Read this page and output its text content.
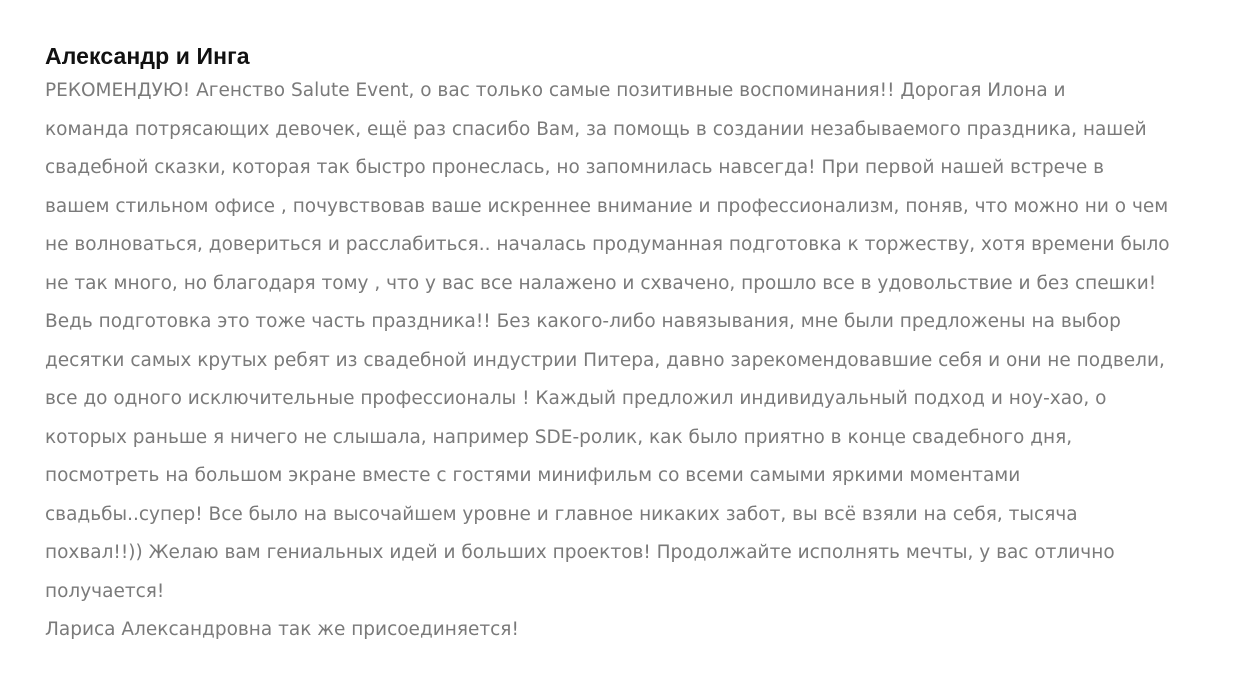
Александр и Инга
РЕКОМЕНДУЮ! Агенство Salute Event, о вас только самые позитивные воспоминания!! Дорогая Илона и
команда потрясающих девочек, ещё раз спасибо Вам, за помощь в создании незабываемого праздника, нашей
свадебной сказки, которая так быстро пронеслась, но запомнилась навсегда! При первой нашей встрече в
вашем стильном офисе , почувствовав ваше искреннее внимание и профессионализм, поняв, что можно ни о чем
не волноваться, довериться и расслабиться.. началась продуманная подготовка к торжеству, хотя времени было
не так много, но благодаря тому , что у вас все налажено и схвачено, прошло все в удовольствие и без спешки!
Ведь подготовка это тоже часть праздника!! Без какого-либо навязывания, мне были предложены на выбор
десятки самых крутых ребят из свадебной индустрии Питера, давно зарекомендовавшие себя и они не подвели,
все до одного исключительные профессионалы ! Каждый предложил индивидуальный подход и ноу-хао, о
которых раньше я ничего не слышала, например SDE-ролик, как было приятно в конце свадебного дня,
посмотреть на большом экране вместе с гостями минифильм со всеми самыми яркими моментами
свадьбы..супер! Все было на высочайшем уровне и главное никаких забот, вы всё взяли на себя, тысяча
похвал!!)) Желаю вам гениальных идей и больших проектов! Продолжайте исполнять мечты, у вас отлично
получается!
Лариса Александровна так же присоединяется!
